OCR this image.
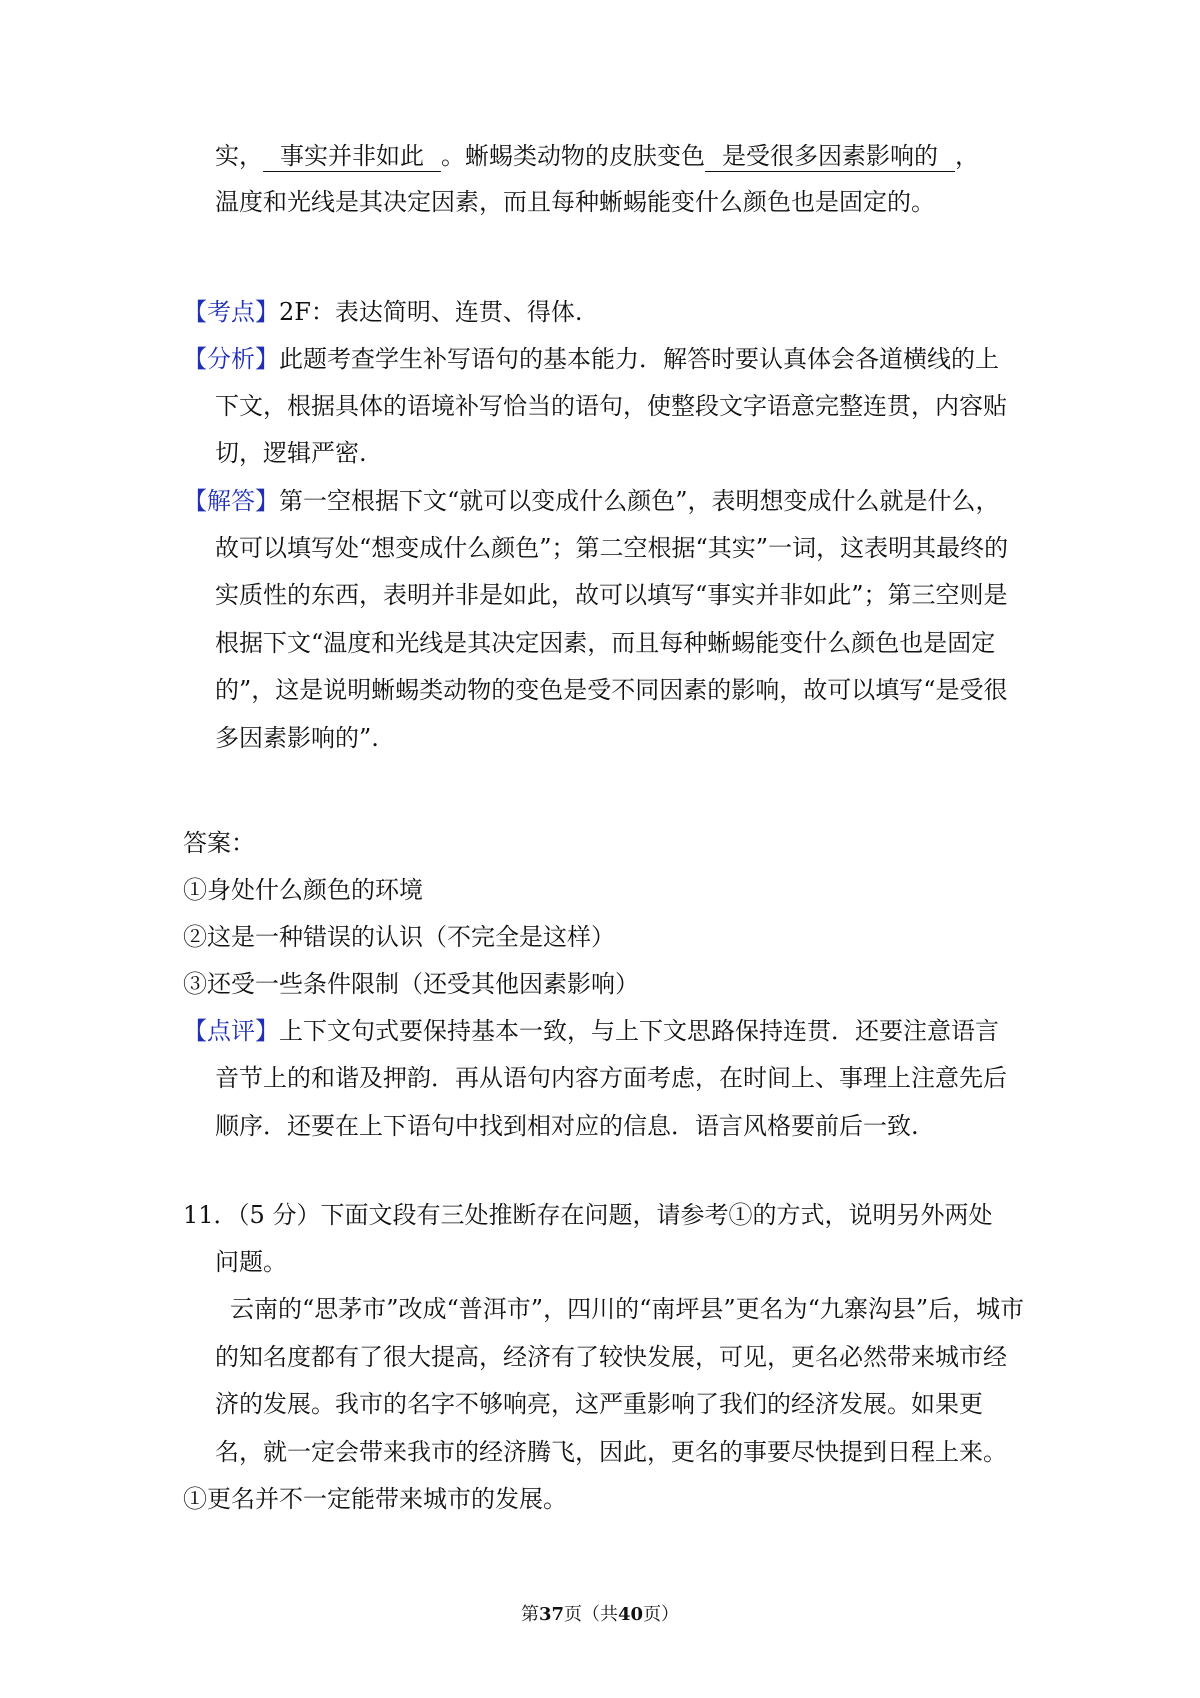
实， 事实并非如此 。蜥蜴类动物的皮肤变色 是受很多因素影响的 ，
温度和光线是其决定因素，而且每种蜥蜴能变什么颜色也是固定的。
【考点】2F：表达简明、连贯、得体.
【分析】此题考查学生补写语句的基本能力．解答时要认真体会各道横线的上
下文，根据具体的语境补写恰当的语句，使整段文字语意完整连贯，内容贴
切，逻辑严密.
【解答】第一空根据下文“就可以变成什么颜色”，表明想变成什么就是什么，
故可以填写处“想变成什么颜色”；第二空根据“其实”一词，这表明其最终的
实质性的东西，表明并非是如此，故可以填写“事实并非如此”；第三空则是
根据下文“温度和光线是其决定因素，而且每种蜥蜴能变什么颜色也是固定
的”，这是说明蜥蜴类动物的变色是受不同因素的影响，故可以填写“是受很
多因素影响的”.
答案：
①身处什么颜色的环境
②这是一种错误的认识（不完全是这样）
③还受一些条件限制（还受其他因素影响）
【点评】上下文句式要保持基本一致，与上下文思路保持连贯．还要注意语言
音节上的和谐及押韵．再从语句内容方面考虑，在时间上、事理上注意先后
顺序．还要在上下语句中找到相对应的信息．语言风格要前后一致.
11．（5 分）下面文段有三处推断存在问题，请参考①的方式，说明另外两处
问题。
云南的“思茅市”改成“普洱市”，四川的“南坪县”更名为“九寨沟县”后，城市
的知名度都有了很大提高，经济有了较快发展，可见，更名必然带来城市经
济的发展。我市的名字不够响亮，这严重影响了我们的经济发展。如果更
名，就一定会带来我市的经济腾飞，因此，更名的事要尽快提到日程上来。
①更名并不一定能带来城市的发展。
第37页（共40页）
